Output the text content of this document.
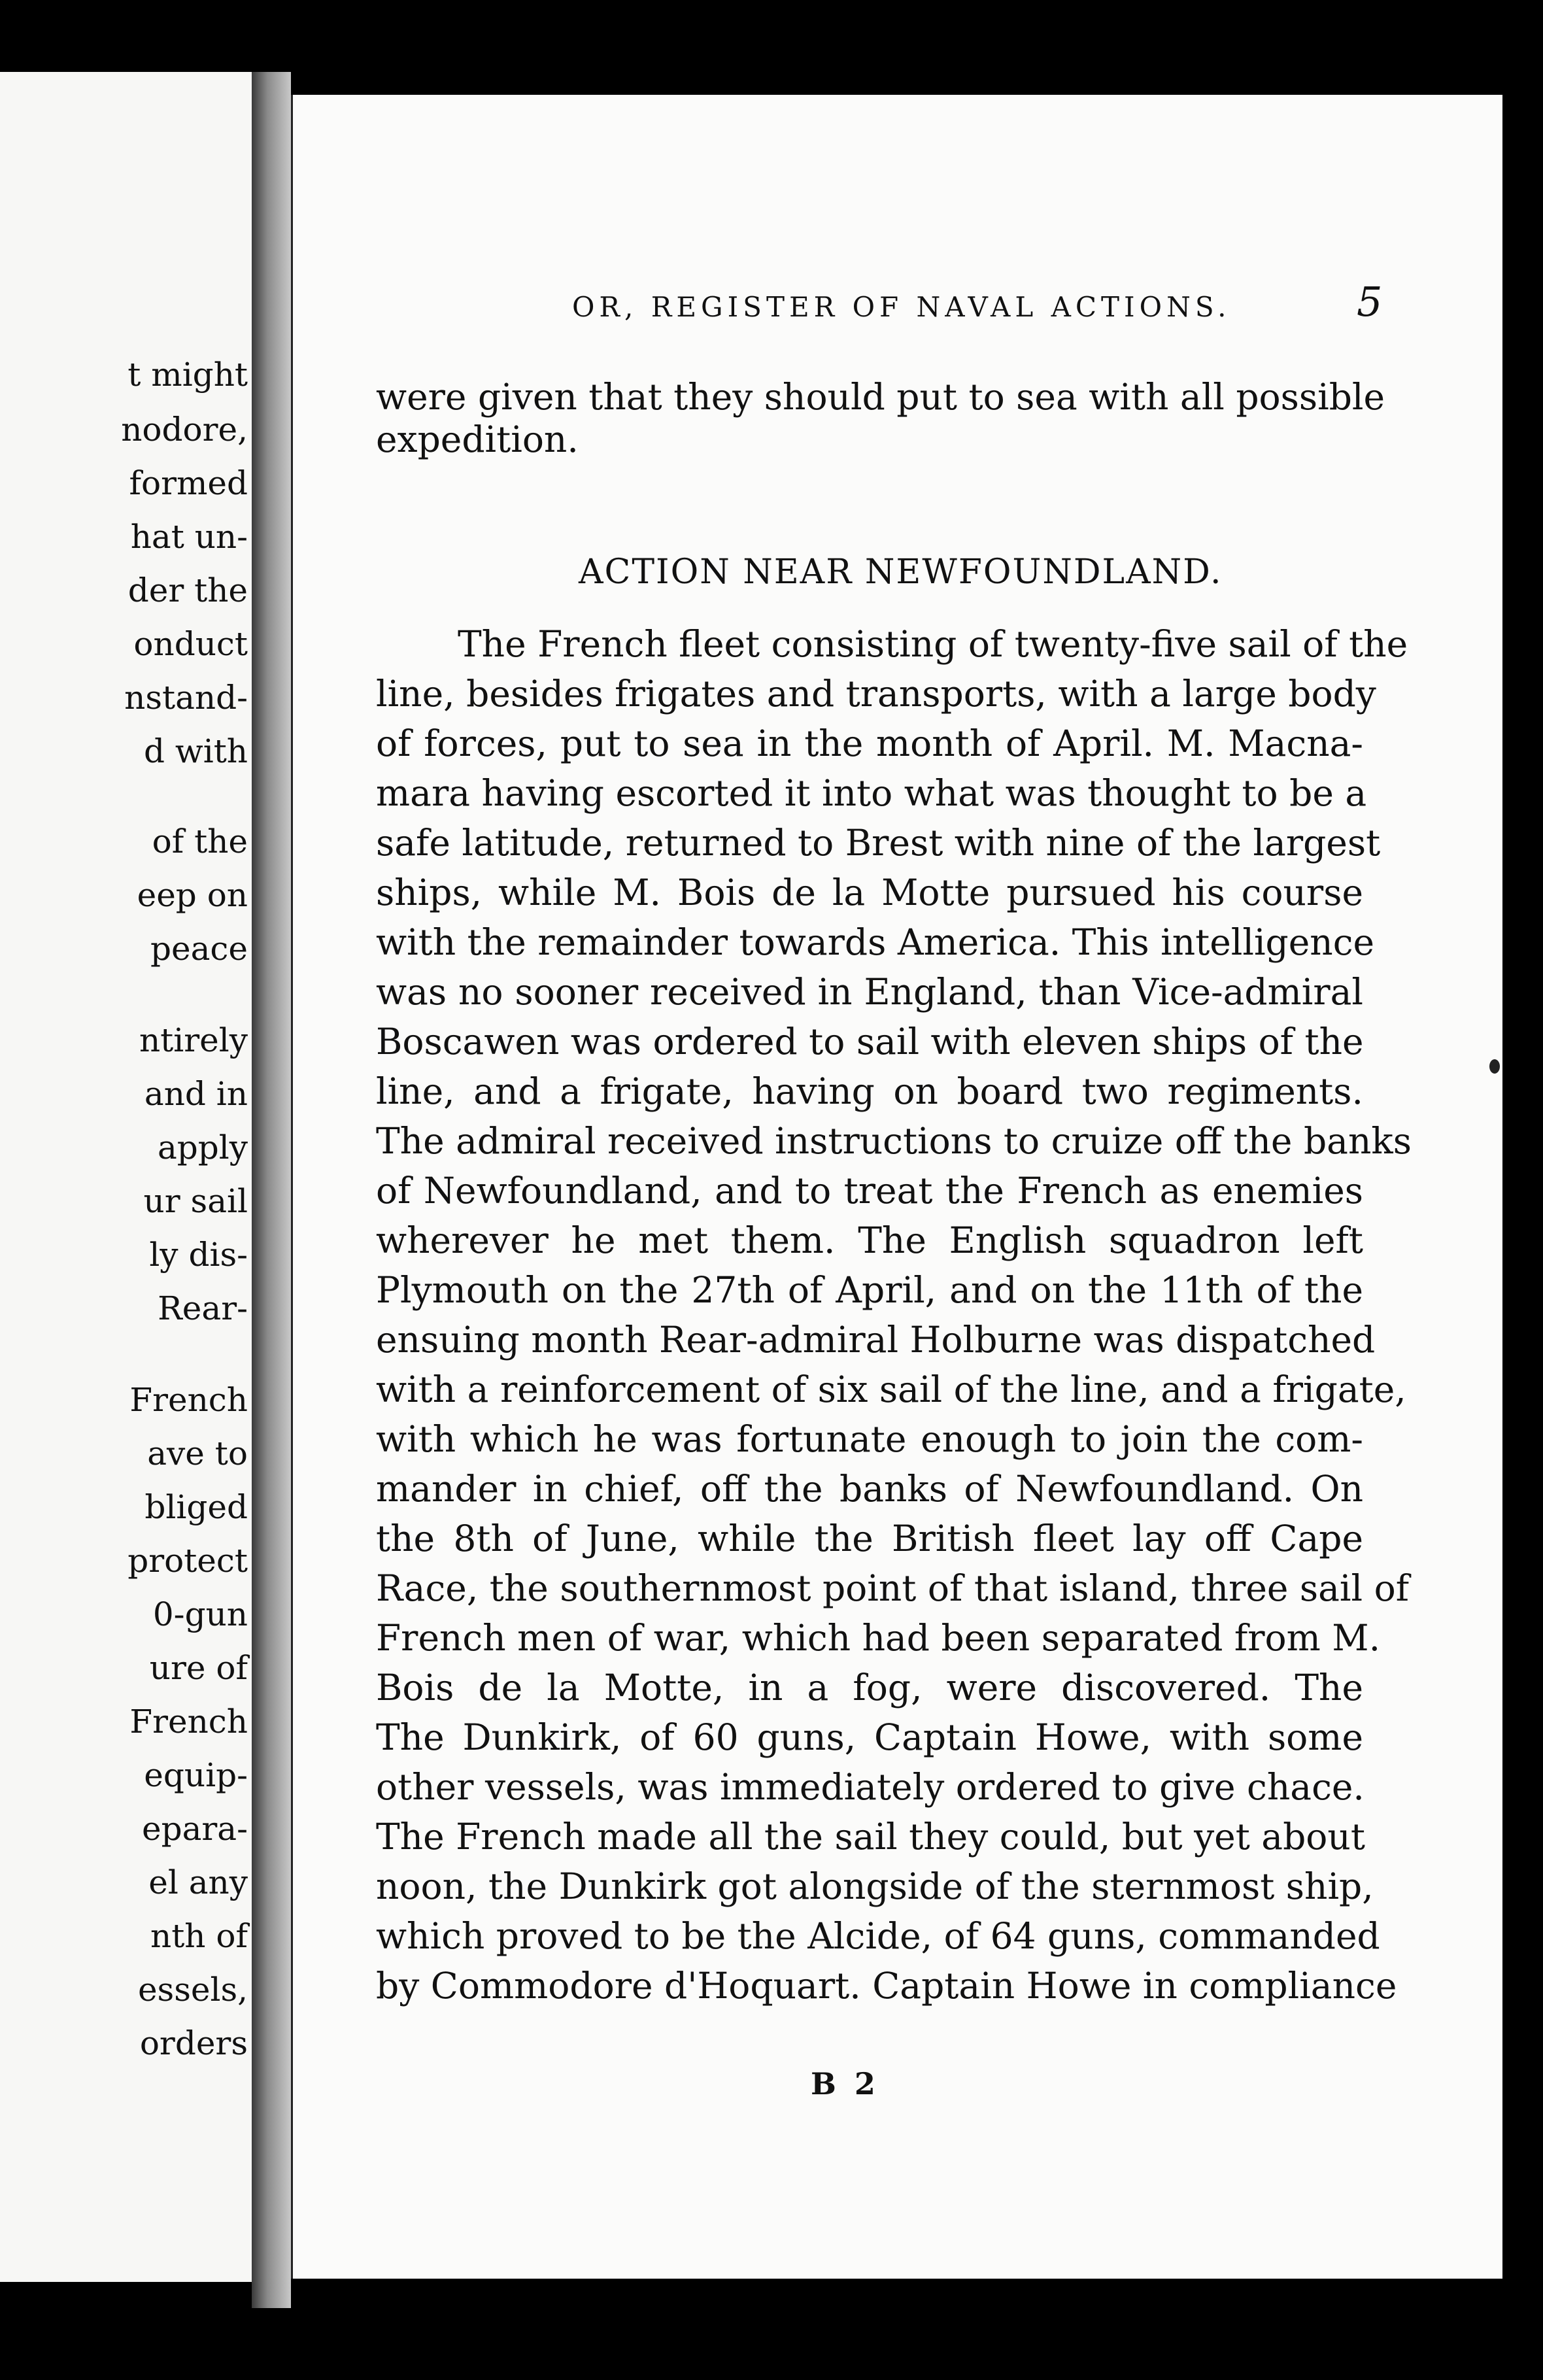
t might
nodore,
formed
hat un-
der the
onduct
nstand-
d with
of the
eep on
peace
ntirely
and in
apply
ur sail
ly dis-
Rear-
French
ave to
bliged
protect
0-gun
ure of
French
equip-
epara-
el any
nth of
essels,
orders
OR, REGISTER OF NAVAL ACTIONS.	5
were given that they should put to sea with all possible
expedition.
ACTION NEAR NEWFOUNDLAND.
The French fleet consisting of twenty-five sail of the
line, besides frigates and transports, with a large body
of forces, put to sea in the month of April. M. Macna-
mara having escorted it into what was thought to be a
safe latitude, returned to Brest with nine of the largest
ships, while M. Bois de la Motte pursued his course
with the remainder towards America. This intelligence
was no sooner received in England, than Vice-admiral
Boscawen was ordered to sail with eleven ships of the
line, and a frigate, having on board two regiments.
The admiral received instructions to cruize off the banks
of Newfoundland, and to treat the French as enemies
wherever he met them. The English squadron left
Plymouth on the 27th of April, and on the 11th of the
ensuing month Rear-admiral Holburne was dispatched
with a reinforcement of six sail of the line, and a frigate,
with which he was fortunate enough to join the com-
mander in chief, off the banks of Newfoundland. On
the 8th of June, while the British fleet lay off Cape
Race, the southernmost point of that island, three sail of
French men of war, which had been separated from M.
Bois de la Motte, in a fog, were discovered. The
The Dunkirk, of 60 guns, Captain Howe, with some
other vessels, was immediately ordered to give chace.
The French made all the sail they could, but yet about
noon, the Dunkirk got alongside of the sternmost ship,
which proved to be the Alcide, of 64 guns, commanded
by Commodore d'Hoquart. Captain Howe in compliance
B 2
